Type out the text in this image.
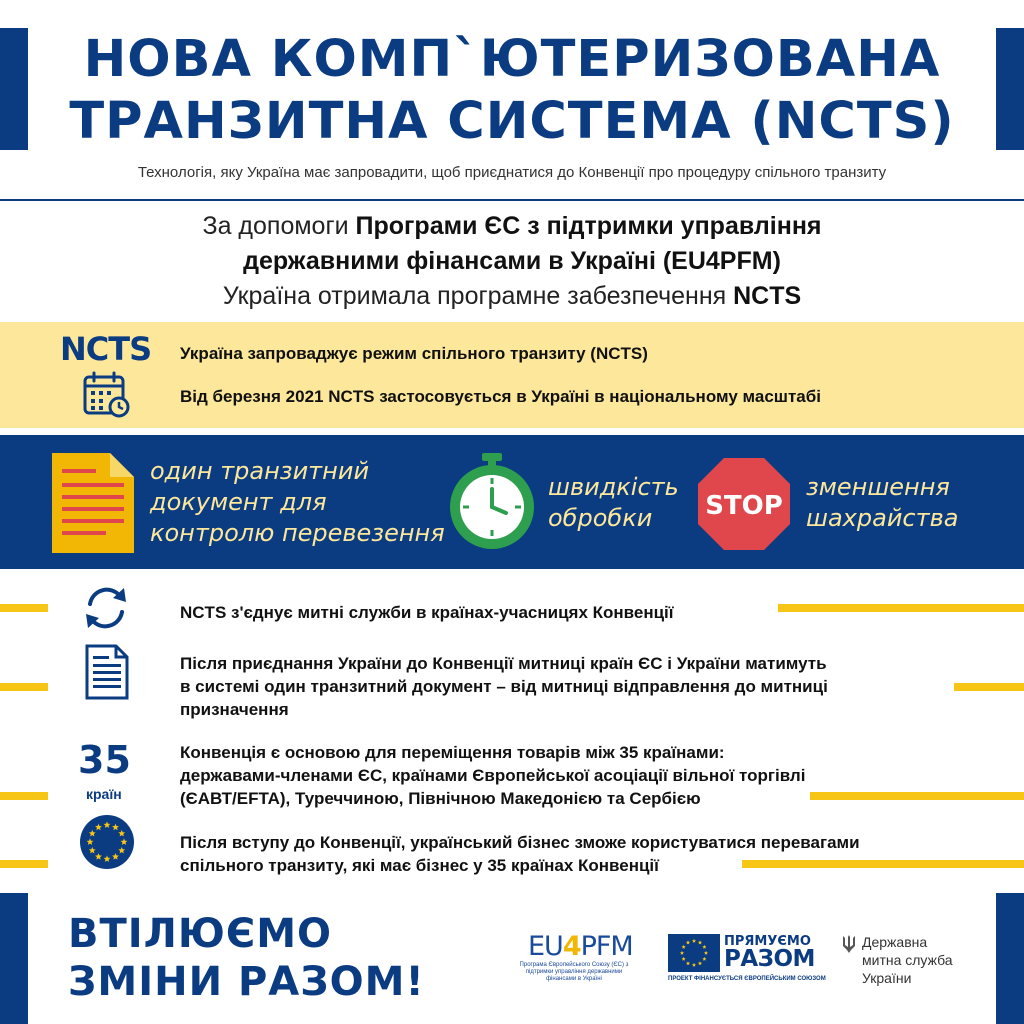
НОВА КОМП`ЮТЕРИЗОВАНА
ТРАНЗИТНА СИСТЕМА (NCTS)
Технологія, яку Україна має запровадити, щоб приєднатися до Конвенції про процедуру спільного транзиту
За допомоги Програми ЄС з підтримки управління
державними фінансами в Україні (EU4PFM)
Україна отримала програмне забезпечення NCTS
NCTS Україна запроваджує режим спільного транзиту (NCTS)
Від березня 2021 NCTS застосовується в Україні в національному масштабі
один транзитний
документ для
контролю перевезення
швидкість
обробки	STOP
зменшення
шахрайства
NCTS з'єднує митні служби в країнах-учасницях Конвенції
Після приєднання України до Конвенції митниці країн ЄС і України матимуть
в системі один транзитний документ – від митниці відправлення до митниці
призначення
35
країн
Конвенція є основою для переміщення товарів між 35 країнами:
державами-членами ЄС, країнами Європейської асоціації вільної торгівлі
(ЄАВТ/EFTA), Туреччиною, Північною Македонією та Сербією
Після вступу до Конвенції, український бізнес зможе користуватися перевагами
спільного транзиту, які має бізнес у 35 країнах Конвенції
ВТІЛЮЄМО
ЗМІНИ РАЗОМ!
EU4PFM
Програма Європейського Союзу (ЄС) з підтримки управління державними фінансами в Україні
ПРЯМУЄМО
РАЗОМ
ПРОЕКТ ФІНАНСУЄТЬСЯ ЄВРОПЕЙСЬКИМ СОЮЗОМ
Державна
митна служба
України
